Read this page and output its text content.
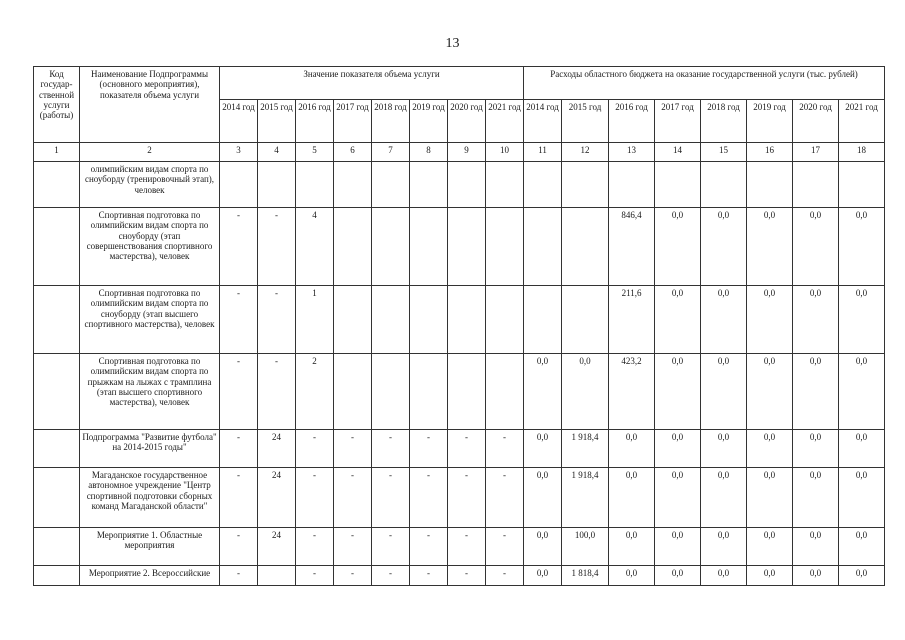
13
Код государ-ственной услуги (работы)	Наименование Подпрограммы (основного мероприятия), показателя объема услуги	Значение показателя объема услуги								Расходы областного бюджета на оказание государственной услуги (тыс. рублей)							
		2014 год	2015 год	2016 год	2017 год	2018 год	2019 год	2020 год	2021 год	2014 год	2015 год	2016 год	2017 год	2018 год	2019 год	2020 год	2021 год
1	2	3	4	5	6	7	8	9	10	11	12	13	14	15	16	17	18
	олимпийским видам спорта по сноуборду (тренировочный этап), человек																
	Спортивная подготовка по олимпийским видам спорта по сноуборду (этап совершенствования спортивного мастерства), человек	-	-	4								846,4	0,0	0,0	0,0	0,0	0,0
	Спортивная подготовка по олимпийским видам спорта по сноуборду (этап высшего спортивного мастерства), человек	-	-	1								211,6	0,0	0,0	0,0	0,0	0,0
	Спортивная подготовка по олимпийским видам спорта по прыжкам на лыжах с трамплина (этап высшего спортивного мастерства), человек	-	-	2						0,0	0,0	423,2	0,0	0,0	0,0	0,0	0,0
	Подпрограмма "Развитие футбола" на 2014-2015 годы"	-	24	-	-	-	-	-	-	0,0	1 918,4	0,0	0,0	0,0	0,0	0,0	0,0
	Магаданское государственное автономное учреждение "Центр спортивной подготовки сборных команд Магаданской области"	-	24	-	-	-	-	-	-	0,0	1 918,4	0,0	0,0	0,0	0,0	0,0	0,0
	Мероприятие 1. Областные мероприятия	-	24	-	-	-	-	-	-	0,0	100,0	0,0	0,0	0,0	0,0	0,0	0,0
	Мероприятие 2. Всероссийские	-		-	-	-	-	-	-	0,0	1 818,4	0,0	0,0	0,0	0,0	0,0	0,0
